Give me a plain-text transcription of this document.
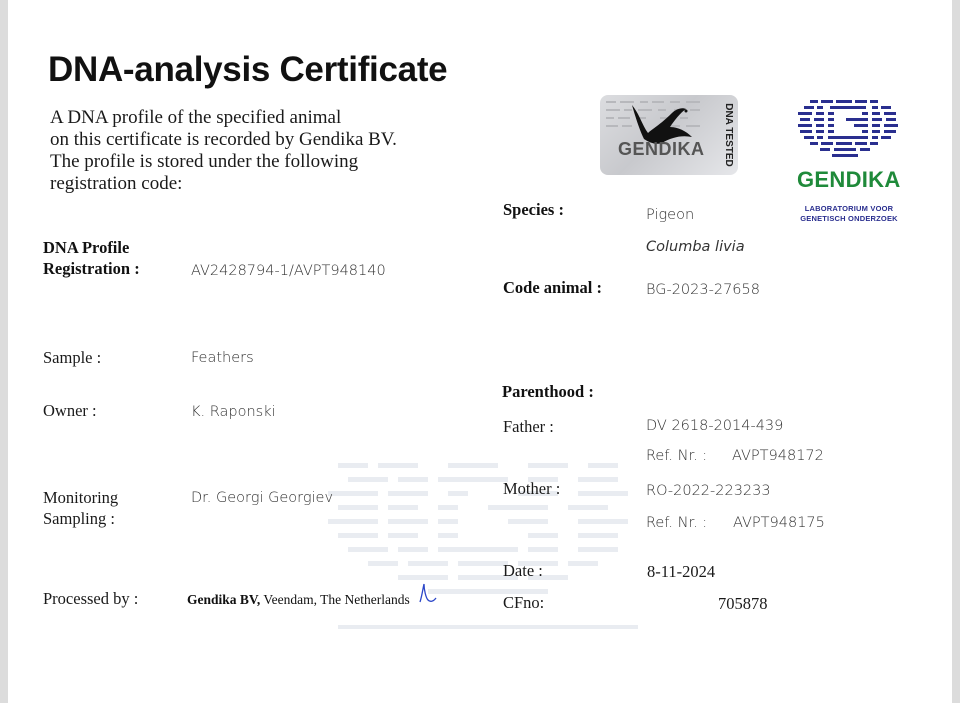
DNA-analysis Certificate
A DNA profile of the specified animal
on this certificate is recorded by Gendika BV.
The profile is stored under the following
registration code:
GENDIKA DNA TESTED
GENDIKA
LABORATORIUM VOOR
GENETISCH ONDERZOEK
DNA Profile
Registration :	AV2428794-1/AVPT948140
Sample :	Feathers
Owner :	K. Raponski
Monitoring
Sampling :
Dr. Georgi Georgiev
Processed by :	Gendika BV, Veendam, The Netherlands
Species :	Pigeon
Columba livia
Code animal :	BG-2023-27658
Parenthood :
Father :	DV 2618-2014-439
Ref. Nr. : AVPT948172
Mother :	RO-2022-223233
Ref. Nr. : AVPT948175
Date :	8-11-2024
CFno:	705878
